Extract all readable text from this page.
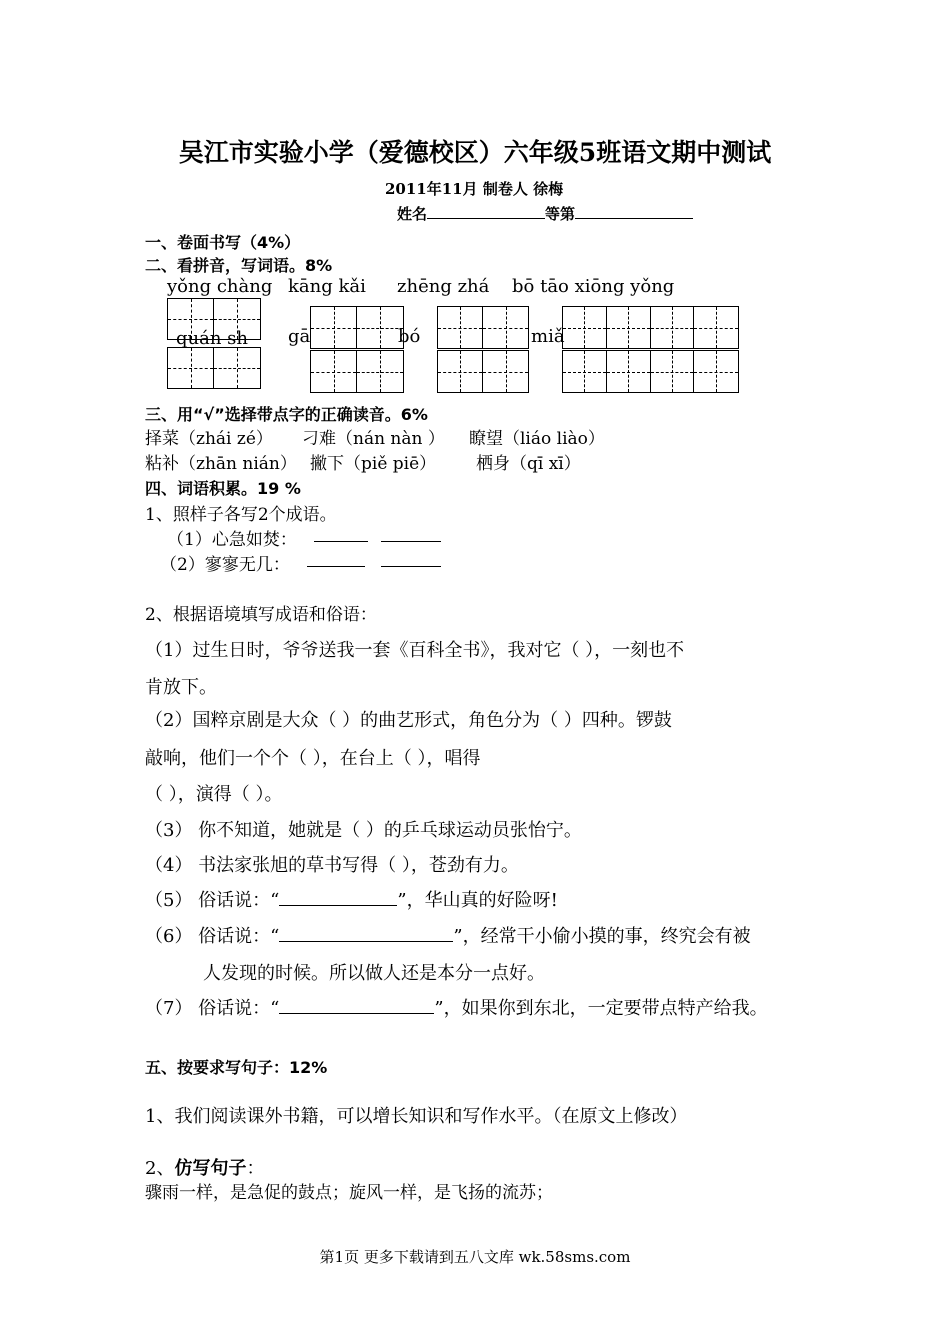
吴江市实验小学（爱德校区）六年级5班语文期中测试
2011年11月 制卷人 徐梅
姓名	等第
一、卷面书写（4%）
二、看拼音，写词语。8%
yǒng chàng kāng kǎi zhēng zhá bō tāo xiōng yǒng
quán sh gā	bó	miǎ
三、用“√”选择带点字的正确读音。6%
择菜（zhái zé） 刁难（nán nàn ） 瞭望（liáo liào）
粘补（zhān nián） 撇下（piě piē） 栖身（qī xī）
四、词语积累。19 %
1、照样子各写2个成语。
（1）心急如焚：
（2）寥寥无几：
2、根据语境填写成语和俗语：
（1）过生日时，爷爷送我一套《百科全书》，我对它（ ），一刻也不
肯放下。
（2）国粹京剧是大众（ ）的曲艺形式，角色分为（ ）四种。锣鼓
敲响，他们一个个（ ），在台上（ ），唱得
（ ），演得（ ）。
（3） 你不知道，她就是（ ）的乒乓球运动员张怡宁。
（4） 书法家张旭的草书写得（ ），苍劲有力。
（5） 俗话说：“	”，华山真的好险呀!
（6） 俗话说：“	”，经常干小偷小摸的事，终究会有被
人发现的时候。所以做人还是本分一点好。
（7） 俗话说：“	”，如果你到东北，一定要带点特产给我。
五、按要求写句子：12%
1、我们阅读课外书籍，可以增长知识和写作水平。（在原文上修改）
2、仿写句子：
骤雨一样，是急促的鼓点；旋风一样，是飞扬的流苏；
第1页 更多下载请到五八文库 wk.58sms.com
